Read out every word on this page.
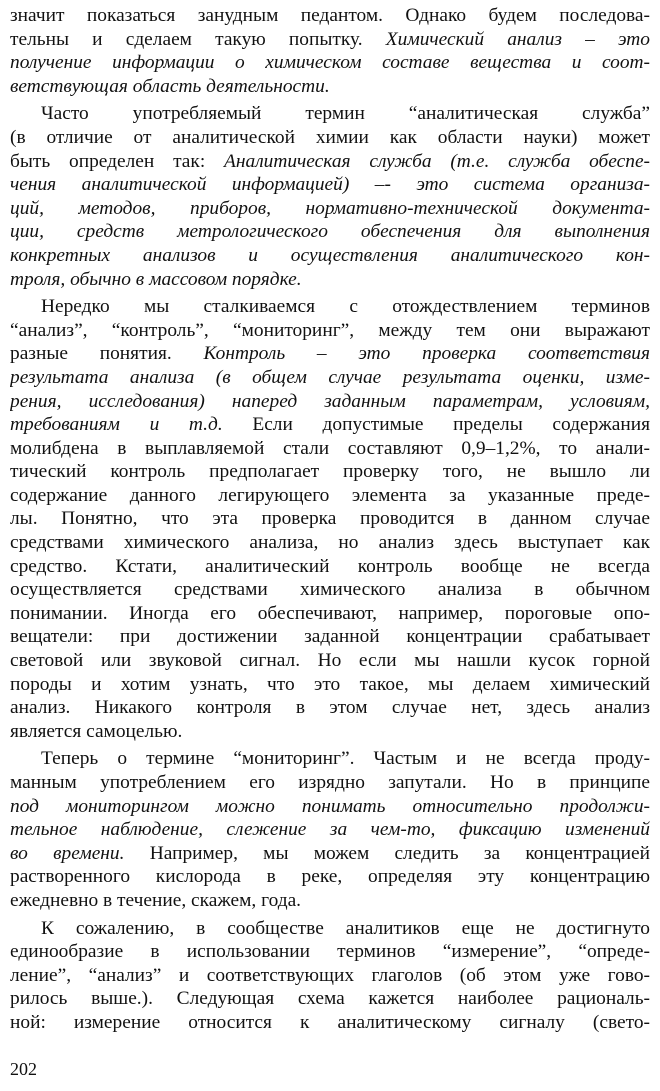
значит показаться занудным педантом. Однако будем последова-
тельны и сделаем такую попытку. Химический анализ – это
получение информации о химическом составе вещества и соот-
ветствующая область деятельности.
Часто употребляемый термин “аналитическая служба”
(в отличие от аналитической химии как области науки) может
быть определен так: Аналитическая служба (т.е. служба обеспе-
чения аналитической информацией) –- это система организа-
ций, методов, приборов, нормативно-технической документа-
ции, средств метрологического обеспечения для выполнения
конкретных анализов и осуществления аналитического кон-
троля, обычно в массовом порядке.
Нередко мы сталкиваемся с отождествлением терминов
“анализ”, “контроль”, “мониторинг”, между тем они выражают
разные понятия. Контроль – это проверка соответствия
результата анализа (в общем случае результата оценки, изме-
рения, исследования) наперед заданным параметрам, условиям,
требованиям и т.д. Если допустимые пределы содержания
молибдена в выплавляемой стали составляют 0,9–1,2%, то анали-
тический контроль предполагает проверку того, не вышло ли
содержание данного легирующего элемента за указанные преде-
лы. Понятно, что эта проверка проводится в данном случае
средствами химического анализа, но анализ здесь выступает как
средство. Кстати, аналитический контроль вообще не всегда
осуществляется средствами химического анализа в обычном
понимании. Иногда его обеспечивают, например, пороговые опо-
вещатели: при достижении заданной концентрации срабатывает
световой или звуковой сигнал. Но если мы нашли кусок горной
породы и хотим узнать, что это такое, мы делаем химический
анализ. Никакого контроля в этом случае нет, здесь анализ
является самоцелью.
Теперь о термине “мониторинг”. Частым и не всегда проду-
манным употреблением его изрядно запутали. Но в принципе
под мониторингом можно понимать относительно продолжи-
тельное наблюдение, слежение за чем-то, фиксацию изменений
во времени. Например, мы можем следить за концентрацией
растворенного кислорода в реке, определяя эту концентрацию
ежедневно в течение, скажем, года.
К сожалению, в сообществе аналитиков еще не достигнуто
единообразие в использовании терминов “измерение”, “опреде-
ление”, “анализ” и соответствующих глаголов (об этом уже гово-
рилось выше.). Следующая схема кажется наиболее рациональ-
ной: измерение относится к аналитическому сигналу (свето-
202
